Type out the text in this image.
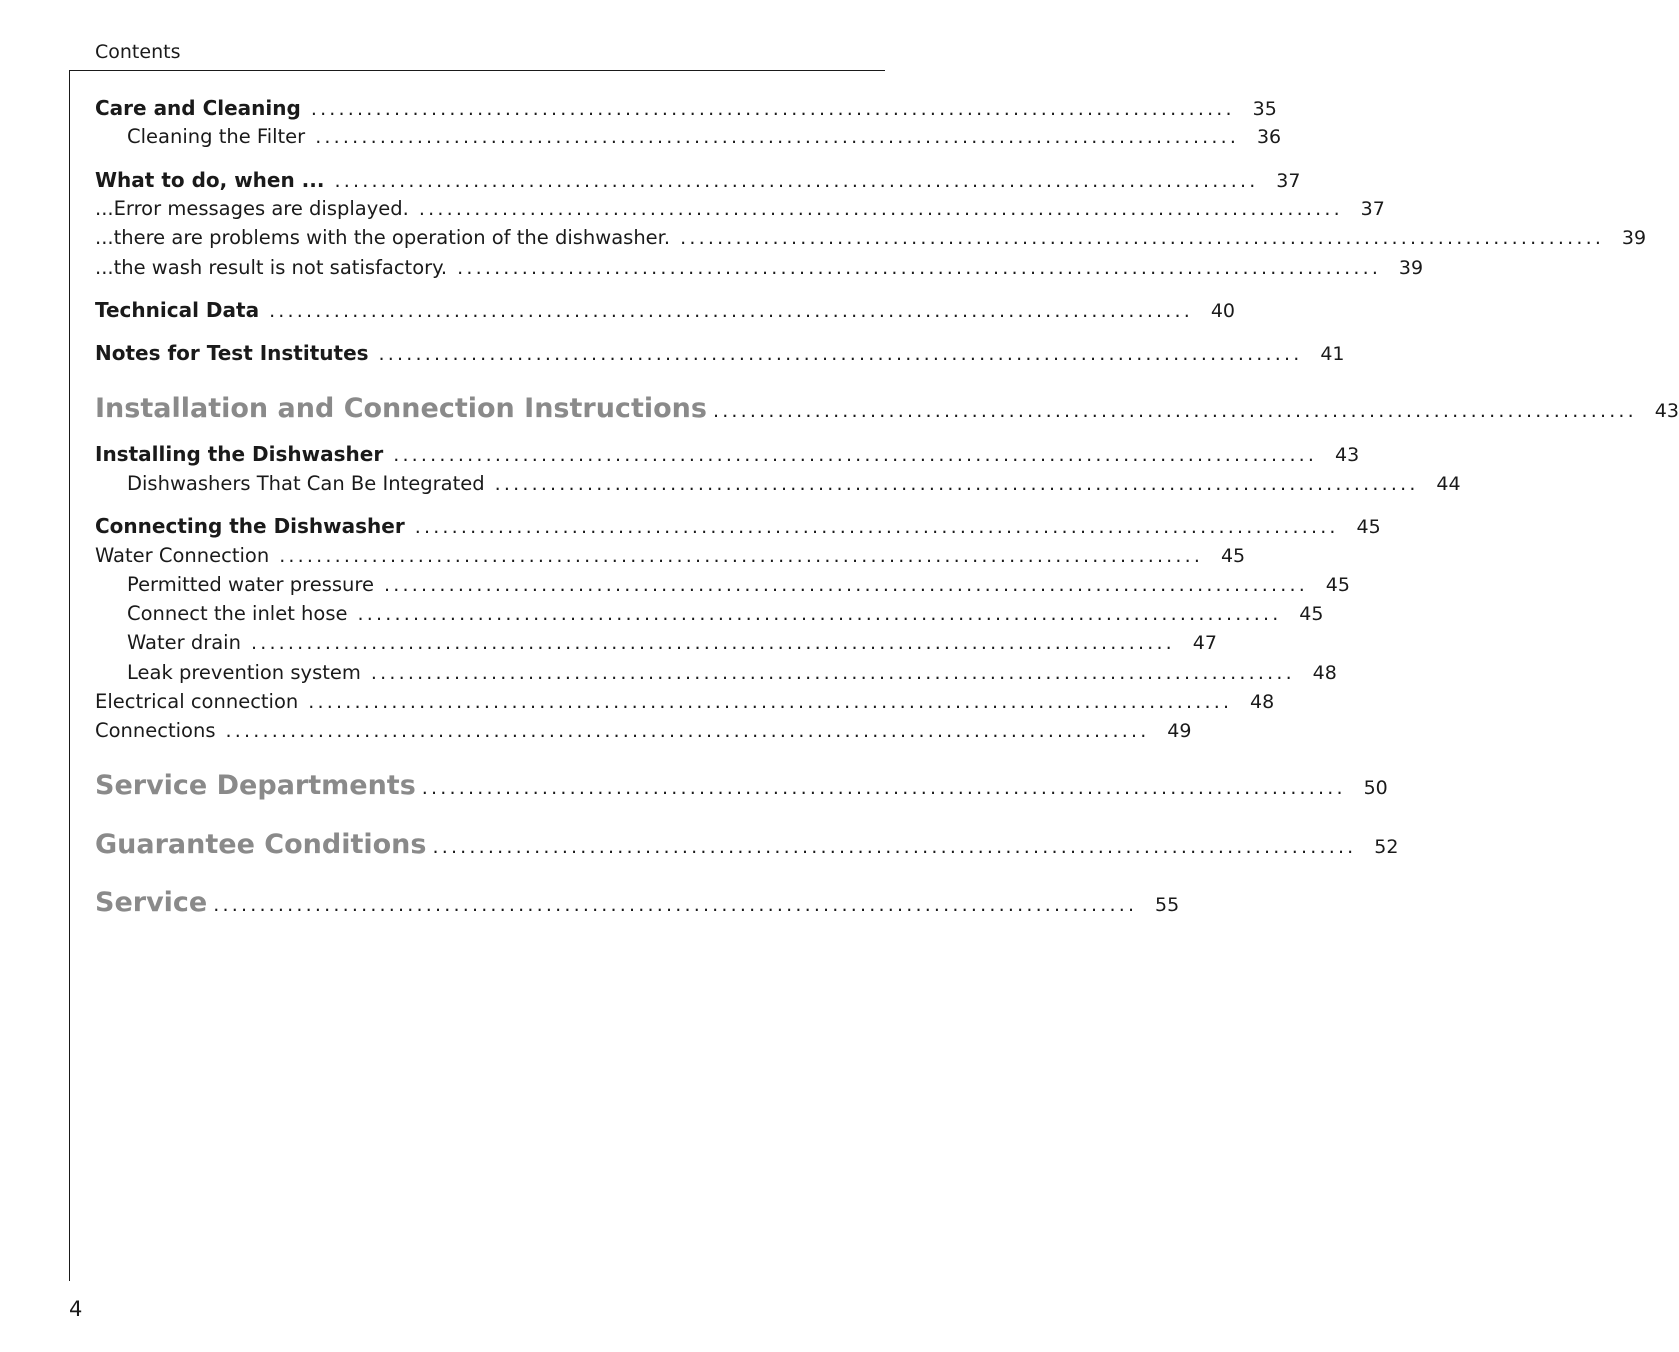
Contents
Care and Cleaning .................................................................................................... 35
Cleaning the Filter .................................................................................................... 36
What to do, when ... .................................................................................................... 37
...Error messages are displayed. .................................................................................................... 37
...there are problems with the operation of the dishwasher. .................................................................................................... 39
...the wash result is not satisfactory. .................................................................................................... 39
Technical Data .................................................................................................... 40
Notes for Test Institutes .................................................................................................... 41
Installation and Connection Instructions .................................................................................................... 43
Installing the Dishwasher .................................................................................................... 43
Dishwashers That Can Be Integrated .................................................................................................... 44
Connecting the Dishwasher .................................................................................................... 45
Water Connection .................................................................................................... 45
Permitted water pressure .................................................................................................... 45
Connect the inlet hose .................................................................................................... 45
Water drain .................................................................................................... 47
Leak prevention system .................................................................................................... 48
Electrical connection .................................................................................................... 48
Connections .................................................................................................... 49
Service Departments .................................................................................................... 50
Guarantee Conditions .................................................................................................... 52
Service .................................................................................................... 55
4
